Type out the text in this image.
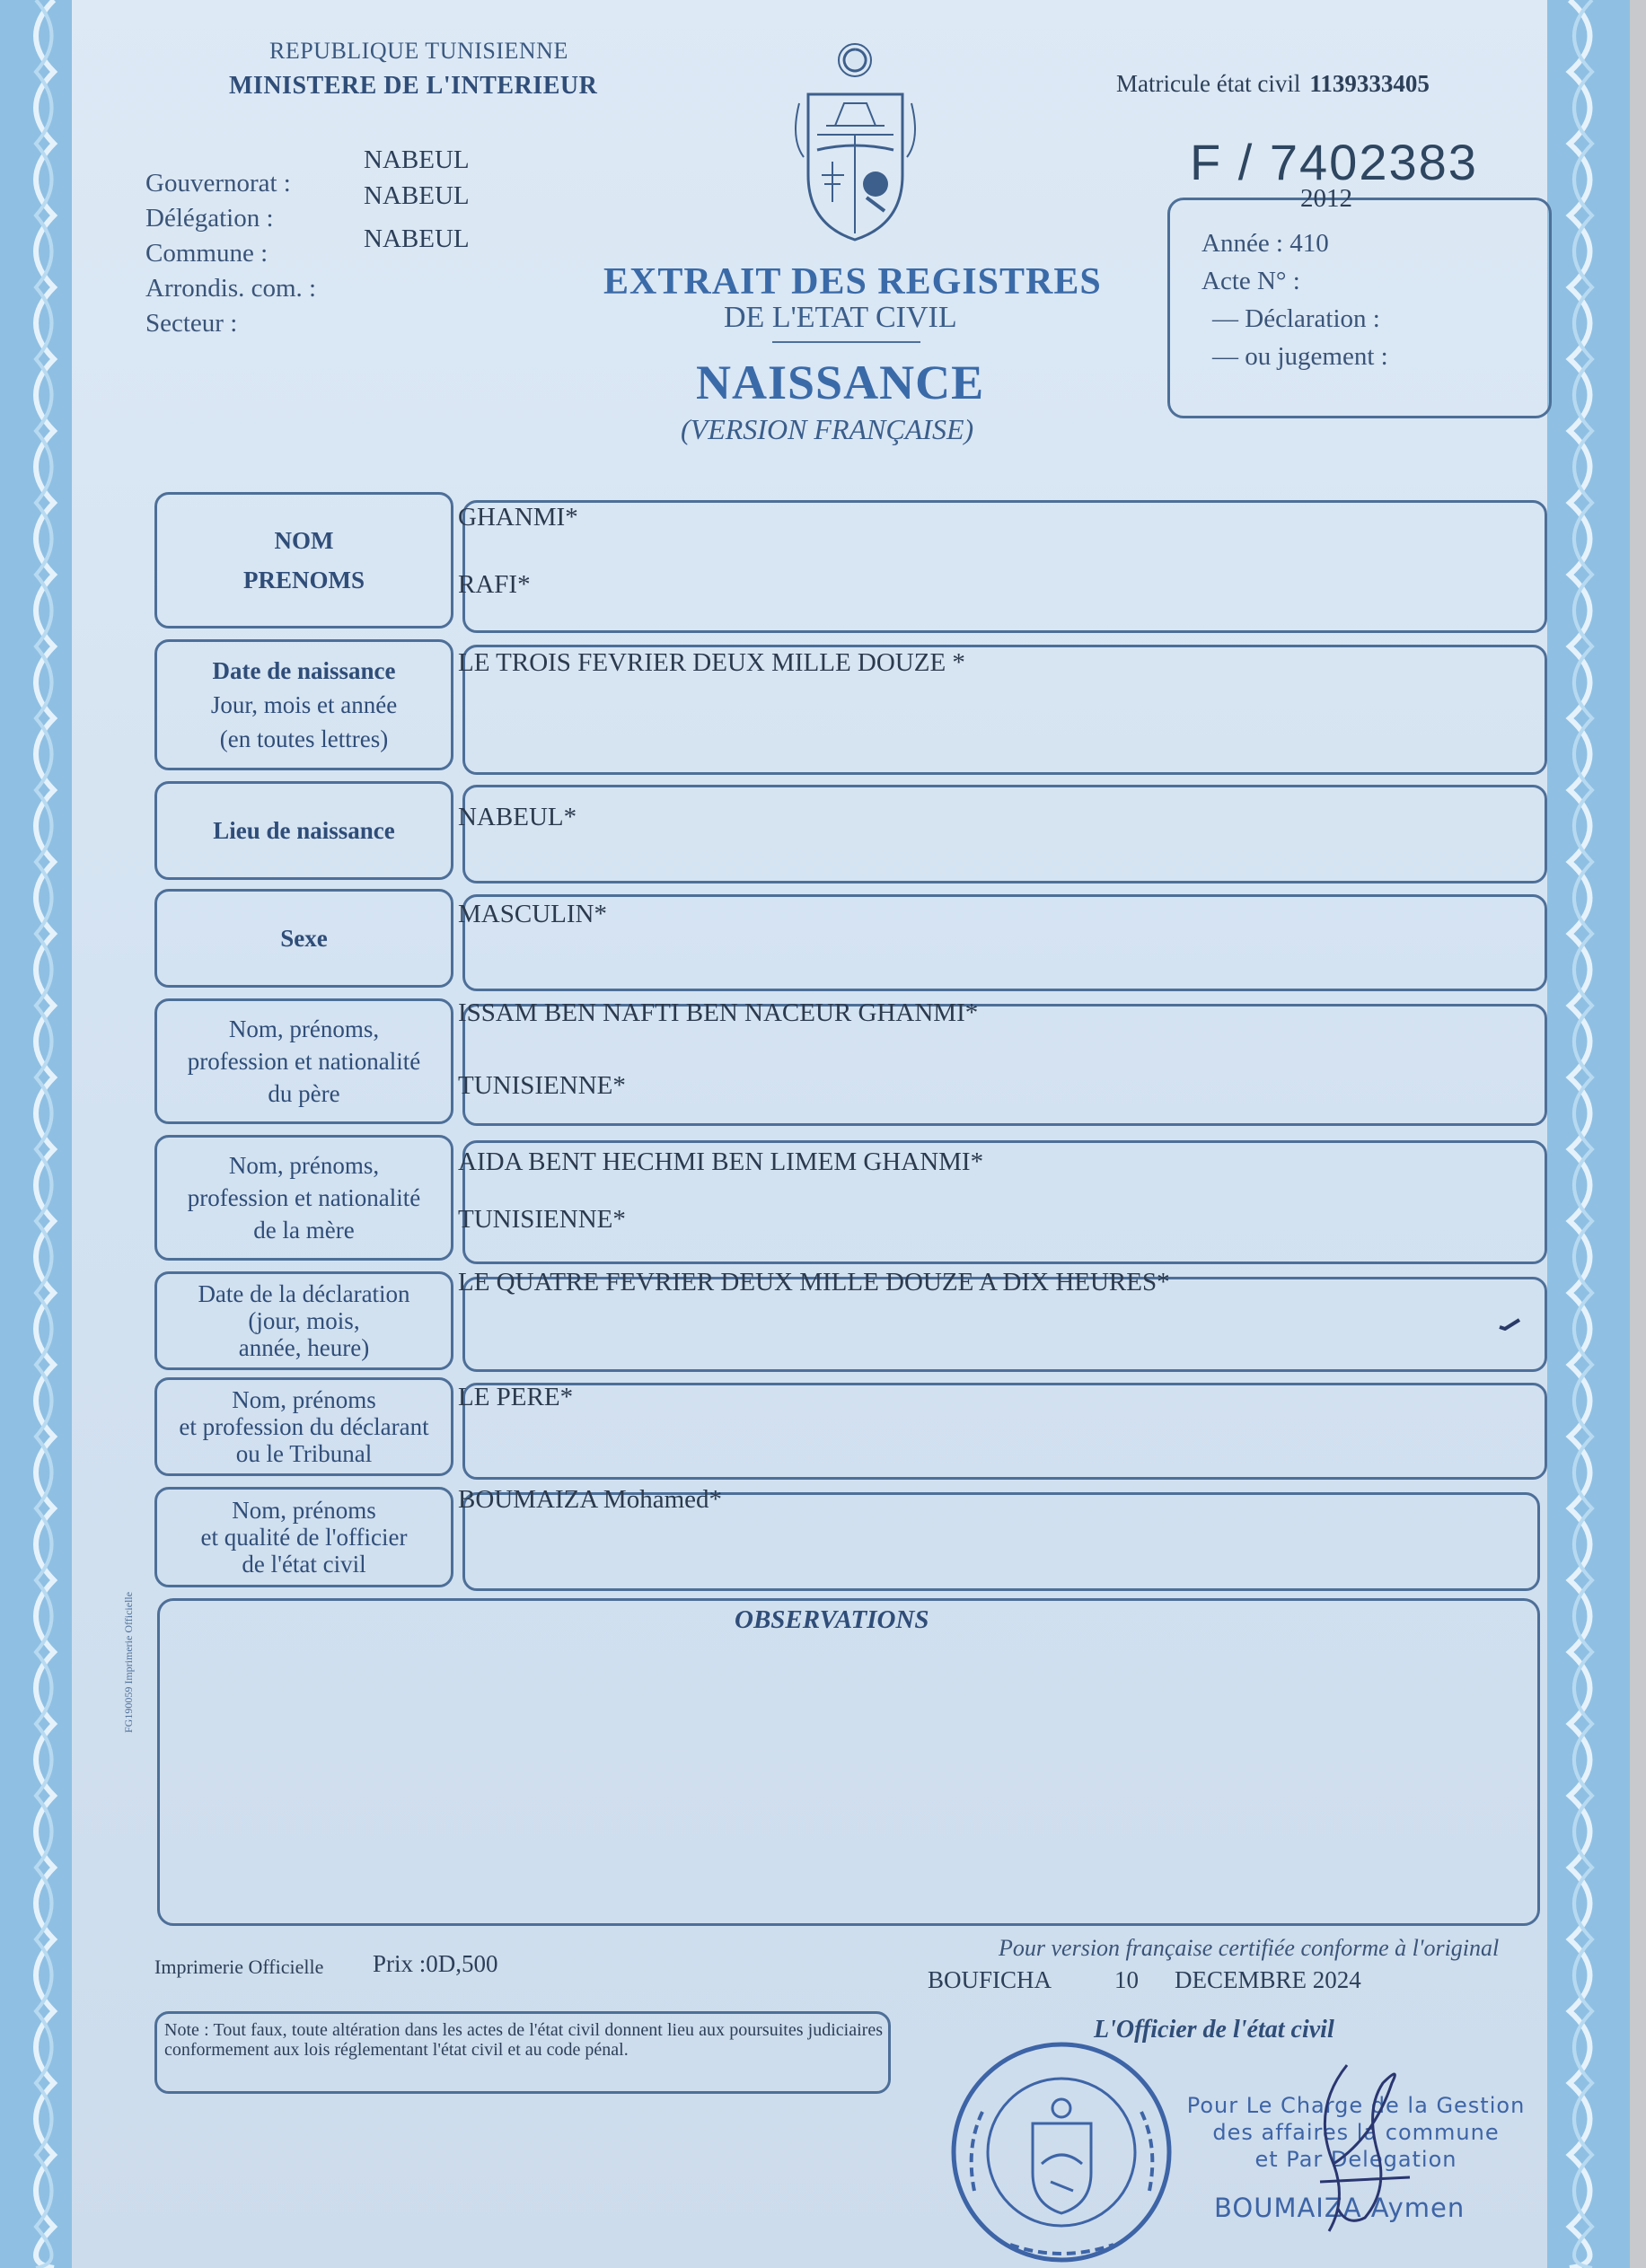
REPUBLIQUE TUNISIENNE
MINISTERE DE L'INTERIEUR
Gouvernorat :
Délégation :
Commune :
Arrondis. com. :
Secteur :
NABEUL
NABEUL
NABEUL
Matricule état civil 1139333405
F / 7402383
2012
Année : 410
Acte N° :
— Déclaration :
— ou jugement :
EXTRAIT DES REGISTRES
DE L'ETAT CIVIL
NAISSANCE
(VERSION FRANÇAISE)
NOM
PRENOMS
GHANMI*
RAFI*
Date de naissance
Jour, mois et année
(en toutes lettres)
LE TROIS FEVRIER DEUX MILLE DOUZE *
Lieu de naissance NABEUL*
Sexe
MASCULIN*
Nom, prénoms,
profession et nationalité
du père
ISSAM BEN NAFTI BEN NACEUR GHANMI*
TUNISIENNE*
Nom, prénoms,
profession et nationalité
de la mère
AIDA BENT HECHMI BEN LIMEM GHANMI*
TUNISIENNE*
Date de la déclaration
(jour, mois,
année, heure)
LE QUATRE FEVRIER DEUX MILLE DOUZE A DIX HEURES*
Nom, prénoms
et profession du déclarant
ou le Tribunal
LE PERE*
Nom, prénoms
et qualité de l'officier
de l'état civil
BOUMAIZA Mohamed*
OBSERVATIONS
FG190059 Imprimerie Officielle
Imprimerie Officielle Prix :0D,500
Pour version française certifiée conforme à l'original
BOUFICHA	10 DECEMBRE 2024
L'Officier de l'état civil
Note : Tout faux, toute altération dans les actes de l'état civil donnent lieu aux poursuites judiciaires conformement aux lois réglementant l'état civil et au code pénal.
Pour Le Charge de la Gestion
des affaires la commune
et Par Delegation
BOUMAIZA Aymen
